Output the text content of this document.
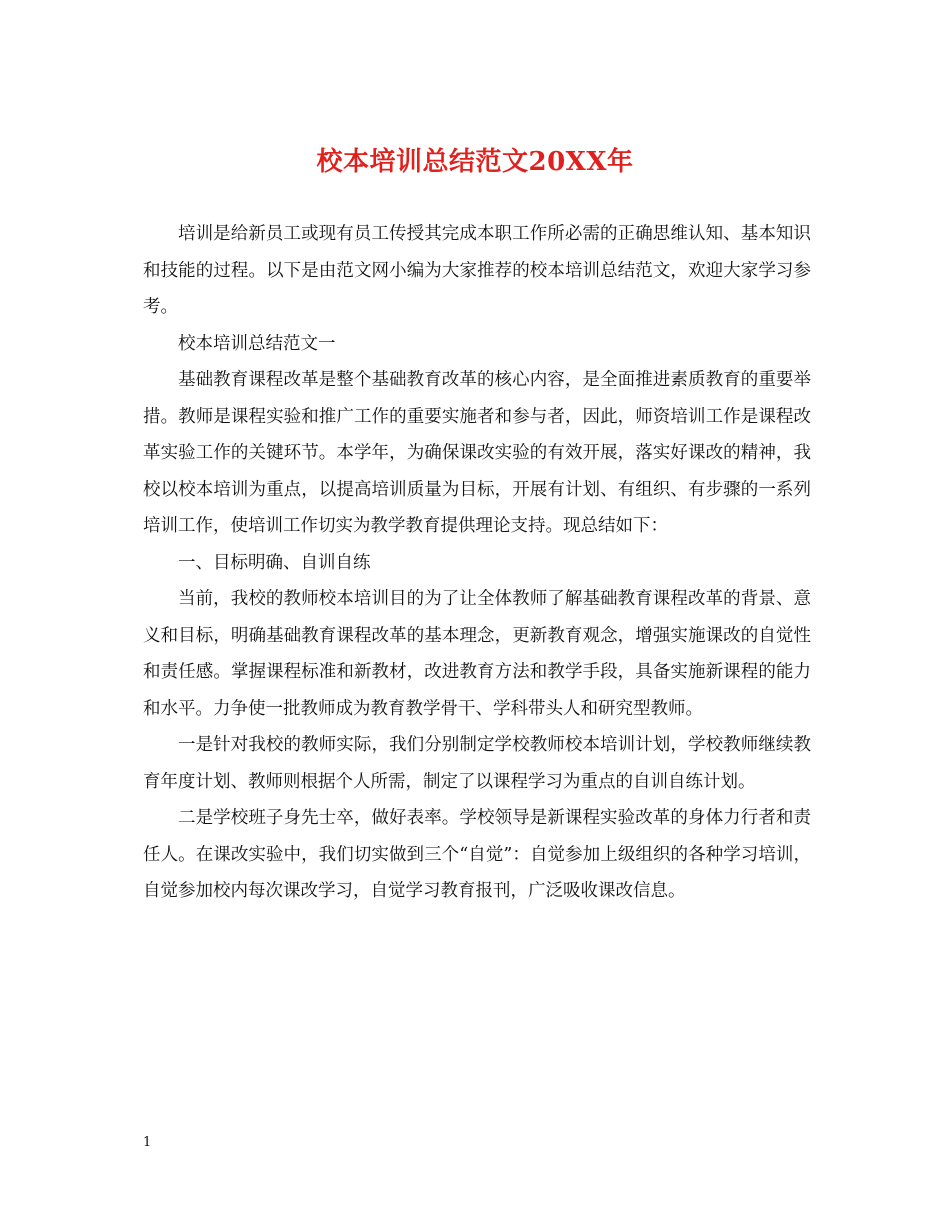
校本培训总结范文20XX年

培训是给新员工或现有员工传授其完成本职工作所必需的正确思维认知、基本知识和技能的过程。以下是由范文网小编为大家推荐的校本培训总结范文，欢迎大家学习参考。

校本培训总结范文一

基础教育课程改革是整个基础教育改革的核心内容，是全面推进素质教育的重要举措。教师是课程实验和推广工作的重要实施者和参与者，因此，师资培训工作是课程改革实验工作的关键环节。本学年，为确保课改实验的有效开展，落实好课改的精神，我校以校本培训为重点，以提高培训质量为目标，开展有计划、有组织、有步骤的一系列培训工作，使培训工作切实为教学教育提供理论支持。现总结如下：

一、目标明确、自训自练

当前，我校的教师校本培训目的为了让全体教师了解基础教育课程改革的背景、意义和目标，明确基础教育课程改革的基本理念，更新教育观念，增强实施课改的自觉性和责任感。掌握课程标准和新教材，改进教育方法和教学手段，具备实施新课程的能力和水平。力争使一批教师成为教育教学骨干、学科带头人和研究型教师。

一是针对我校的教师实际，我们分别制定学校教师校本培训计划，学校教师继续教育年度计划、教师则根据个人所需，制定了以课程学习为重点的自训自练计划。

二是学校班子身先士卒，做好表率。学校领导是新课程实验改革的身体力行者和责任人。在课改实验中，我们切实做到三个“自觉”：自觉参加上级组织的各种学习培训，自觉参加校内每次课改学习，自觉学习教育报刊，广泛吸收课改信息。

1
